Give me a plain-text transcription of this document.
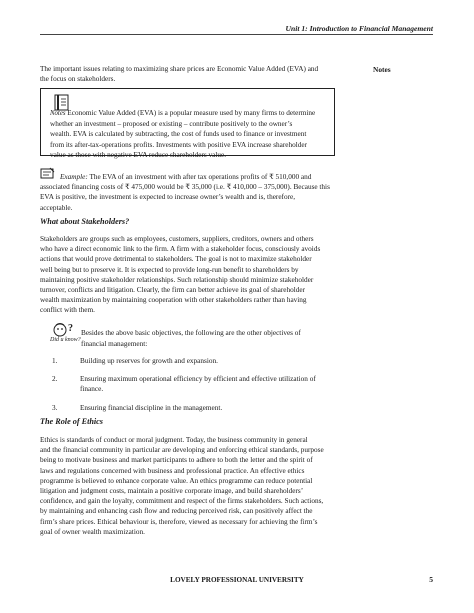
Unit 1: Introduction to Financial Management
Notes

The important issues relating to maximizing share prices are Economic Value Added (EVA) and

the focus on stakeholders.

Notes Economic Value Added (EVA) is a popular measure used by many firms to determine

whether an investment – proposed or existing – contribute positively to the owner’s

wealth. EVA is calculated by subtracting, the cost of funds used to finance or investment

from its after-tax-operations profits. Investments with positive EVA increase shareholder

value as those with negative EVA reduce shareholders value.

Example: The EVA of an investment with after tax operations profits of ₹ 510,000 and

associated financing costs of ₹ 475,000 would be ₹ 35,000 (i.e. ₹ 410,000 – 375,000). Because this

EVA is positive, the investment is expected to increase owner’s wealth and is, therefore,

acceptable.

What about Stakeholders?

Stakeholders are groups such as employees, customers, suppliers, creditors, owners and others

who have a direct economic link to the firm. A firm with a stakeholder focus, consciously avoids

actions that would prove detrimental to stakeholders. The goal is not to maximize stakeholder

well being but to preserve it. It is expected to provide long-run benefit to shareholders by

maintaining positive stakeholder relationships. Such relationship should minimize stakeholder

turnover, conflicts and litigation. Clearly, the firm can better achieve its goal of shareholder

wealth maximization by maintaining cooperation with other stakeholders rather than having

conflict with them.

?
Did u know?

Besides the above basic objectives, the following are the other objectives of

financial management:

1.	Building up reserves for growth and expansion.
2.	Ensuring maximum operational efficiency by efficient and effective utilization of

finance.

3.	Ensuring financial discipline in the management.

The Role of Ethics

Ethics is standards of conduct or moral judgment. Today, the business community in general

and the financial community in particular are developing and enforcing ethical standards, purpose

being to motivate business and market participants to adhere to both the letter and the spirit of

laws and regulations concerned with business and professional practice. An effective ethics

programme is believed to enhance corporate value. An ethics programme can reduce potential

litigation and judgment costs, maintain a positive corporate image, and build shareholders’

confidence, and gain the loyalty, commitment and respect of the firms stakeholders. Such actions,

by maintaining and enhancing cash flow and reducing perceived risk, can positively affect the

firm’s share prices. Ethical behaviour is, therefore, viewed as necessary for achieving the firm’s

goal of owner wealth maximization.

LOVELY PROFESSIONAL UNIVERSITY	5
